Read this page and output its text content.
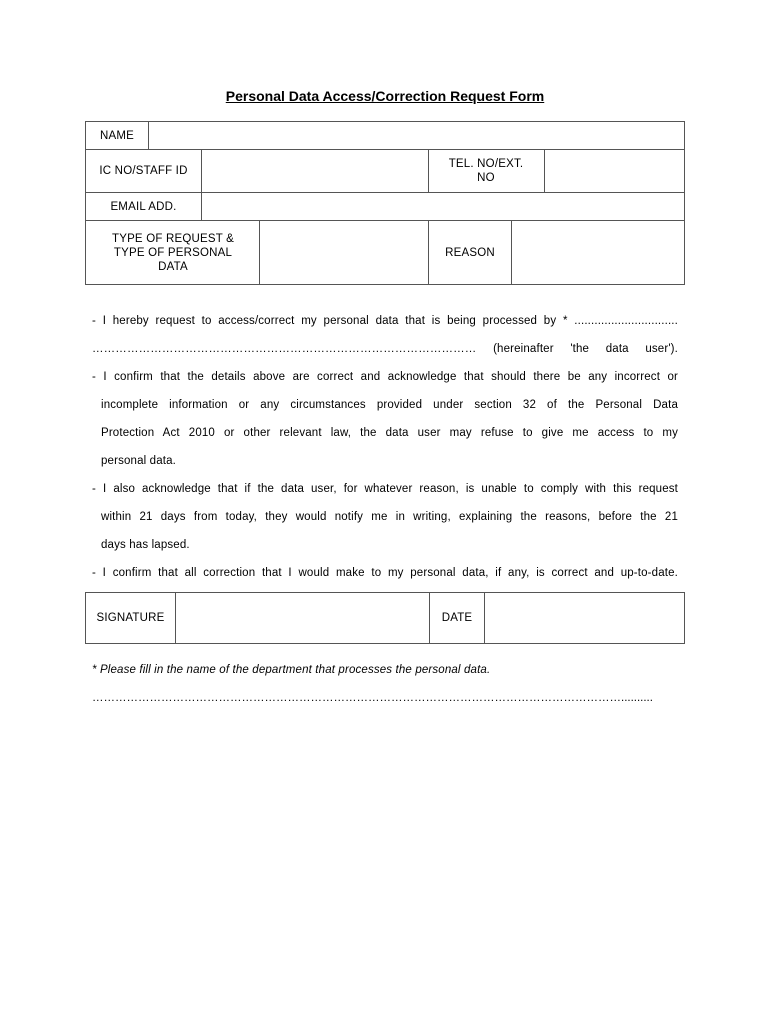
Personal Data Access/Correction Request Form
NAME
IC NO/STAFF ID
TEL. NO/EXT. NO
EMAIL ADD.
TYPE OF REQUEST & TYPE OF PERSONAL DATA
REASON
- I hereby request to access/correct my personal data that is being processed by * ...............................
……………………………………………………………………………………… (hereinafter 'the data user').
- I confirm that the details above are correct and acknowledge that should there be any incorrect or
incomplete information or any circumstances provided under section 32 of the Personal Data
Protection Act 2010 or other relevant law, the data user may refuse to give me access to my
personal data.
- I also acknowledge that if the data user, for whatever reason, is unable to comply with this request
within 21 days from today, they would notify me in writing, explaining the reasons, before the 21
days has lapsed.
- I confirm that all correction that I would make to my personal data, if any, is correct and up-to-date.
SIGNATURE	DATE
* Please fill in the name of the department that processes the personal data.
…………………………………………………………………………………………………………………………..........
